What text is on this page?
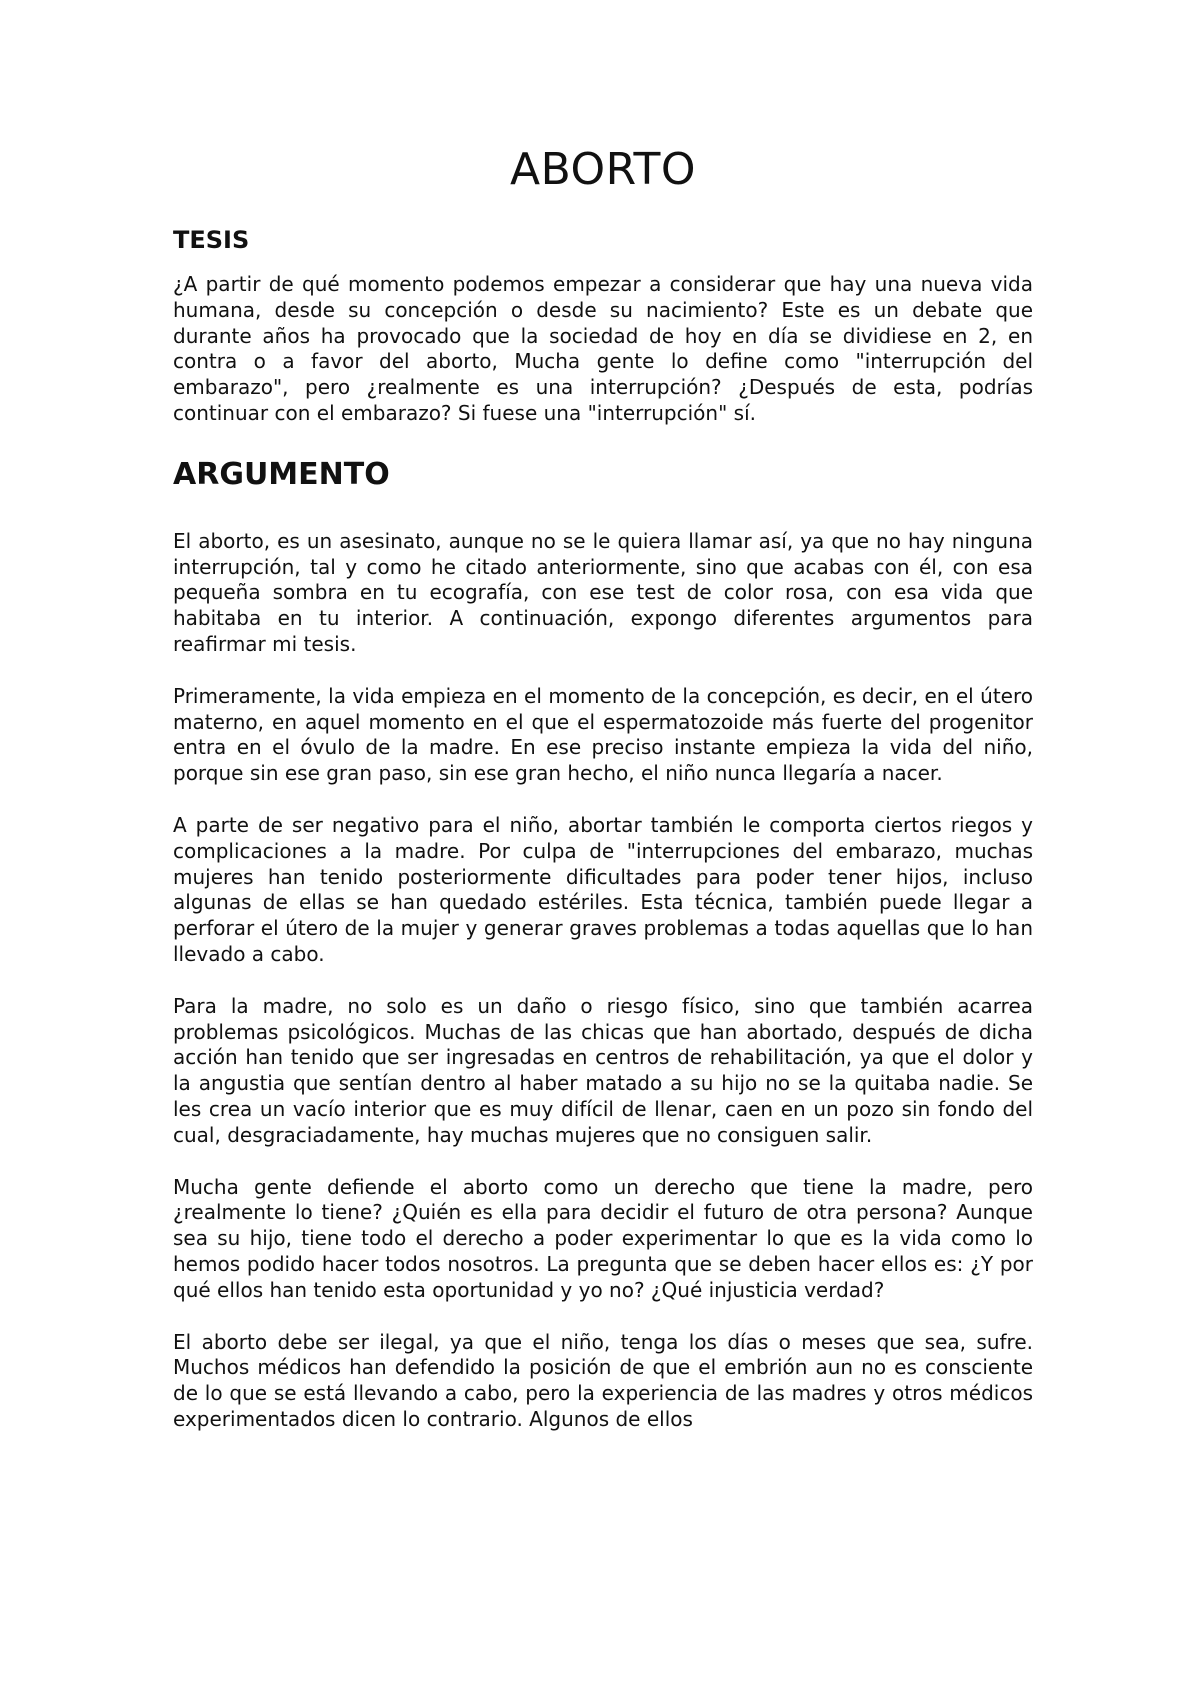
ABORTO
TESIS

¿A partir de qué momento podemos empezar a considerar que hay una nueva vida humana, desde su concepción o desde su nacimiento? Este es un debate que durante años ha provocado que la sociedad de hoy en día se dividiese en 2, en contra o a favor del aborto, Mucha gente lo define como "interrupción del embarazo", pero ¿realmente es una interrupción? ¿Después de esta, podrías continuar con el embarazo? Si fuese una "interrupción" sí.

ARGUMENTO

El aborto, es un asesinato, aunque no se le quiera llamar así, ya que no hay ninguna interrupción, tal y como he citado anteriormente, sino que acabas con él, con esa pequeña sombra en tu ecografía, con ese test de color rosa, con esa vida que habitaba en tu interior. A continuación, expongo diferentes argumentos para reafirmar mi tesis.

Primeramente, la vida empieza en el momento de la concepción, es decir, en el útero materno, en aquel momento en el que el espermatozoide más fuerte del progenitor entra en el óvulo de la madre. En ese preciso instante empieza la vida del niño, porque sin ese gran paso, sin ese gran hecho, el niño nunca llegaría a nacer.

A parte de ser negativo para el niño, abortar también le comporta ciertos riegos y complicaciones a la madre. Por culpa de "interrupciones del embarazo, muchas mujeres han tenido posteriormente dificultades para poder tener hijos, incluso algunas de ellas se han quedado estériles. Esta técnica, también puede llegar a perforar el útero de la mujer y generar graves problemas a todas aquellas que lo han llevado a cabo.

Para la madre, no solo es un daño o riesgo físico, sino que también acarrea problemas psicológicos. Muchas de las chicas que han abortado, después de dicha acción han tenido que ser ingresadas en centros de rehabilitación, ya que el dolor y la angustia que sentían dentro al haber matado a su hijo no se la quitaba nadie. Se les crea un vacío interior que es muy difícil de llenar, caen en un pozo sin fondo del cual, desgraciadamente, hay muchas mujeres que no consiguen salir.

Mucha gente defiende el aborto como un derecho que tiene la madre, pero ¿realmente lo tiene? ¿Quién es ella para decidir el futuro de otra persona? Aunque sea su hijo, tiene todo el derecho a poder experimentar lo que es la vida como lo hemos podido hacer todos nosotros. La pregunta que se deben hacer ellos es: ¿Y por qué ellos han tenido esta oportunidad y yo no? ¿Qué injusticia verdad?

El aborto debe ser ilegal, ya que el niño, tenga los días o meses que sea, sufre. Muchos médicos han defendido la posición de que el embrión aun no es consciente de lo que se está llevando a cabo, pero la experiencia de las madres y otros médicos experimentados dicen lo contrario. Algunos de ellos
